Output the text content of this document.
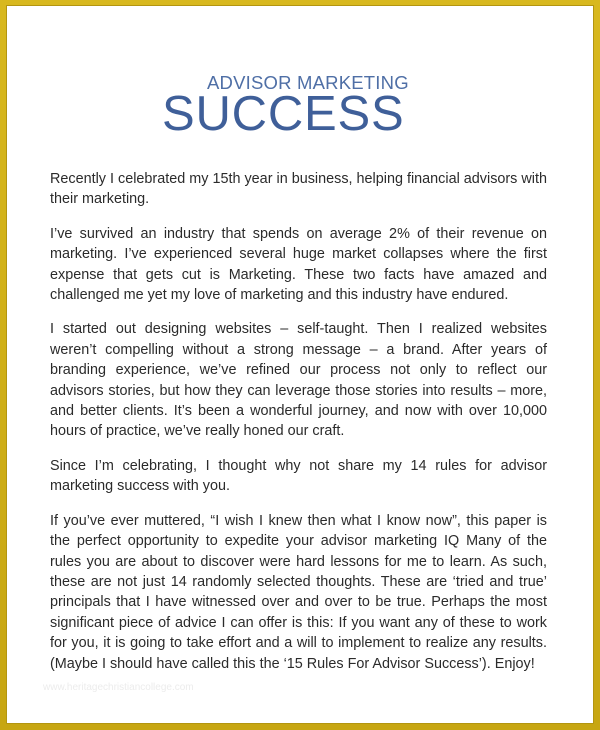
ADVISOR MARKETING
SUCCESS

Recently I celebrated my 15th year in business, helping financial advisors with their marketing.

I’ve survived an industry that spends on average 2% of their revenue on marketing. I’ve experienced several huge market collapses where the first expense that gets cut is Marketing. These two facts have amazed and challenged me yet my love of marketing and this industry have endured.

I started out designing websites – self-taught. Then I realized websites weren’t compelling without a strong message – a brand. After years of branding experience, we’ve refined our process not only to reflect our advisors stories, but how they can leverage those stories into results – more, and better clients. It’s been a wonderful journey, and now with over 10,000 hours of practice, we’ve really honed our craft.

Since I’m celebrating, I thought why not share my 14 rules for advisor marketing success with you.

If you’ve ever muttered, “I wish I knew then what I know now”, this paper is the perfect opportunity to expedite your advisor marketing IQ Many of the rules you are about to discover were hard lessons for me to learn. As such, these are not just 14 randomly selected thoughts. These are ‘tried and true’ principals that I have witnessed over and over to be true. Perhaps the most significant piece of advice I can offer is this: If you want any of these to work for you, it is going to take effort and a will to implement to realize any results. (Maybe I should have called this the ‘15 Rules For Advisor Success’). Enjoy!

www.heritagechristiancollege.com
